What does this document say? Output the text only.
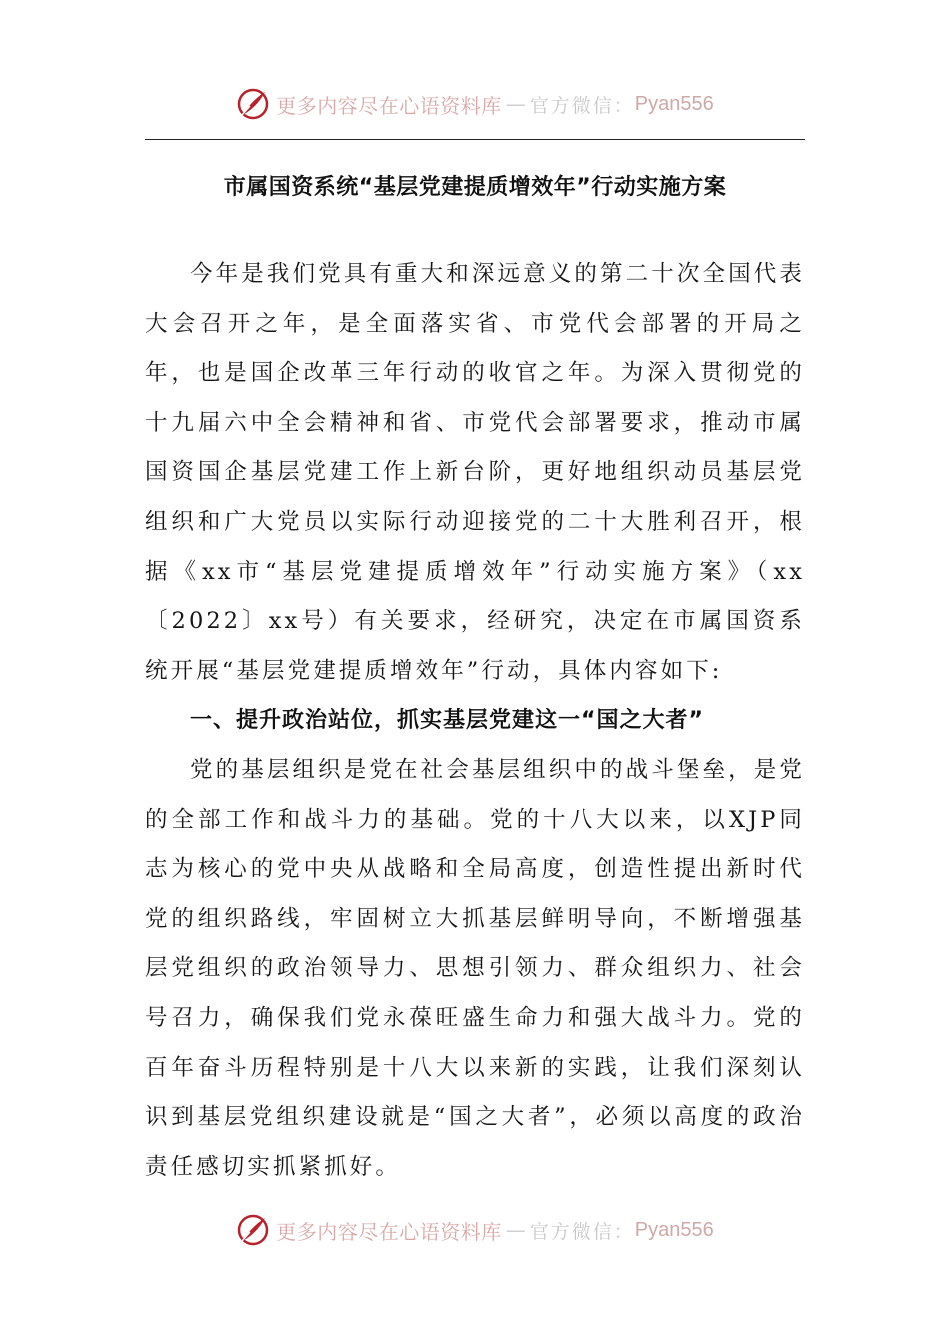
更多内容尽在心语资料库 — 官方微信： Pyan556
市属国资系统“基层党建提质增效年”行动实施方案

今年是我们党具有重大和深远意义的第二十次全国代表大会召开之年，是全面落实省、市党代会部署的开局之年，也是国企改革三年行动的收官之年。为深入贯彻党的十九届六中全会精神和省、市党代会部署要求，推动市属国资国企基层党建工作上新台阶，更好地组织动员基层党组织和广大党员以实际行动迎接党的二十大胜利召开，根据《xx市“基层党建提质增效年”行动实施方案》（xx〔2022〕xx号）有关要求，经研究，决定在市属国资系统开展“基层党建提质增效年”行动，具体内容如下:

一、提升政治站位，抓实基层党建这一“国之大者”

党的基层组织是党在社会基层组织中的战斗堡垒，是党的全部工作和战斗力的基础。党的十八大以来，以XJP同志为核心的党中央从战略和全局高度，创造性提出新时代党的组织路线，牢固树立大抓基层鲜明导向，不断增强基层党组织的政治领导力、思想引领力、群众组织力、社会号召力，确保我们党永葆旺盛生命力和强大战斗力。党的百年奋斗历程特别是十八大以来新的实践，让我们深刻认识到基层党组织建设就是“国之大者”，必须以高度的政治责任感切实抓紧抓好。

更多内容尽在心语资料库 — 官方微信： Pyan556
